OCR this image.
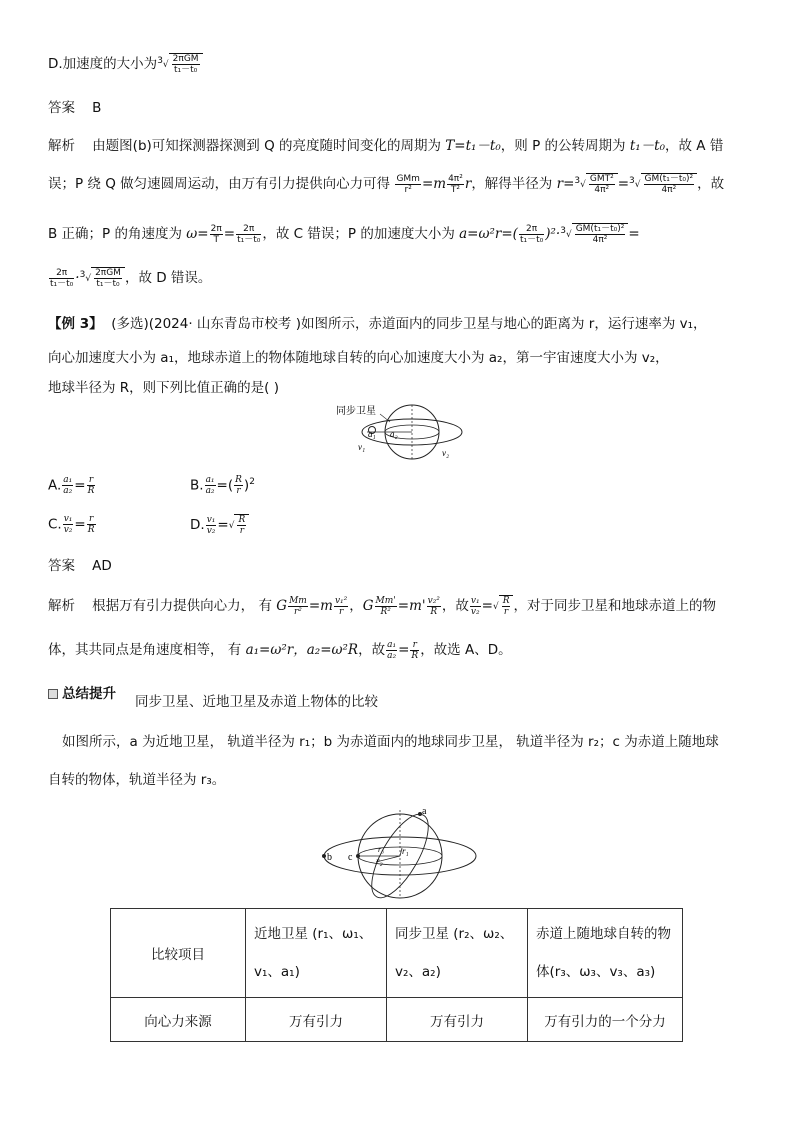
D.加速度的大小为$^3√ \frac{\text{2πGM}}{\text{t₁－t₀}}$
答案 B
解析 由题图(b)可知探测器探测到 Q 的亮度随时间变化的周期为 T=t₁－t₀，则 P 的公转周期为 t₁－t₀，故 A 错
误；P 绕 Q 做匀速圆周运动，由万有引力提供向心力可得 $\frac{\text{GMm}}{\text{r²}} =m \frac{\text{4π²}}{\text{T²}}$ r，解得半径为 $r=^3√ \frac{\text{GMT²}}{\text{4π²}} =^3√ \frac{\text{GM(t₁－t₀)²}}{\text{4π²}}$ ，故
B 正确；P 的角速度为 $\omega= \frac{2\pi}{T} = \frac{2\pi}{\text{t₁－t₀}}$ ，故 C 错误；P 的加速度大小为 $a=\omega^2r=( \frac{2\pi}{\text{t₁－t₀}} )^2\cdot^3√ \frac{\text{GM(t₁－t₀)²}}{\text{4π²}}$ =
$\frac{2\pi}{\text{t₁－t₀}} \cdot^3√ \frac{\text{2πGM}}{\text{t₁－t₀}}$ ，故 D 错误。
【例 3】 (多选)(2024· 山东青岛市校考 )如图所示，赤道面内的同步卫星与地心的距离为 r，运行速率为 v₁，
向心加速度大小为 a₁，地球赤道上的物体随地球自转的向心加速度大小为 a₂，第一宇宙速度大小为 v₂，
地球半径为 R，则下列比值正确的是( )
同步卫星
a₁ a₂
v₁
v₂
A. $\frac{\text{a₁}}{\text{a₂}} = \frac{r}{R}$	B. $\frac{\text{a₁}}{\text{a₂}}$ =( $\frac{R}{r} )^2$
C. $\frac{\text{v₁}}{\text{v₂}} = \frac{r}{R}$	D. $\frac{\text{v₁}}{\text{v₂}}$ =√ $\frac{R}{r}$
答案 AD
解析 根据万有引力提供向心力， 有 G $\frac{Mm}{\text{r²}} =m \frac{\text{v₁²}}{r}$ ，G $\frac{Mm'}{\text{R²}} =m' \frac{\text{v₂²}}{R}$ ，故 $\frac{\text{v₁}}{\text{v₂}}$ =√ $\frac{R}{r}$ ，对于同步卫星和地球赤道上的物
体，其共同点是角速度相等， 有 a₁=ω²r，a₂=ω²R，故 $\frac{\text{a₁}}{\text{a₂}} = \frac{r}{R}$ ，故选 A、D。
总结提升 同步卫星、近地卫星及赤道上物体的比较
如图所示，a 为近地卫星， 轨道半径为 r₁；b 为赤道面内的地球同步卫星， 轨道半径为 r₂；c 为赤道上随地球
自转的物体，轨道半径为 r₃。
a
b c
r₁
r₂
r₃
比较项目	近地卫星 (r₁、ω₁、v₁、a₁)	同步卫星 (r₂、ω₂、v₂、a₂)	赤道上随地球自转的物体(r₃、ω₃、v₃、a₃)
向心力来源	万有引力	万有引力	万有引力的一个分力
